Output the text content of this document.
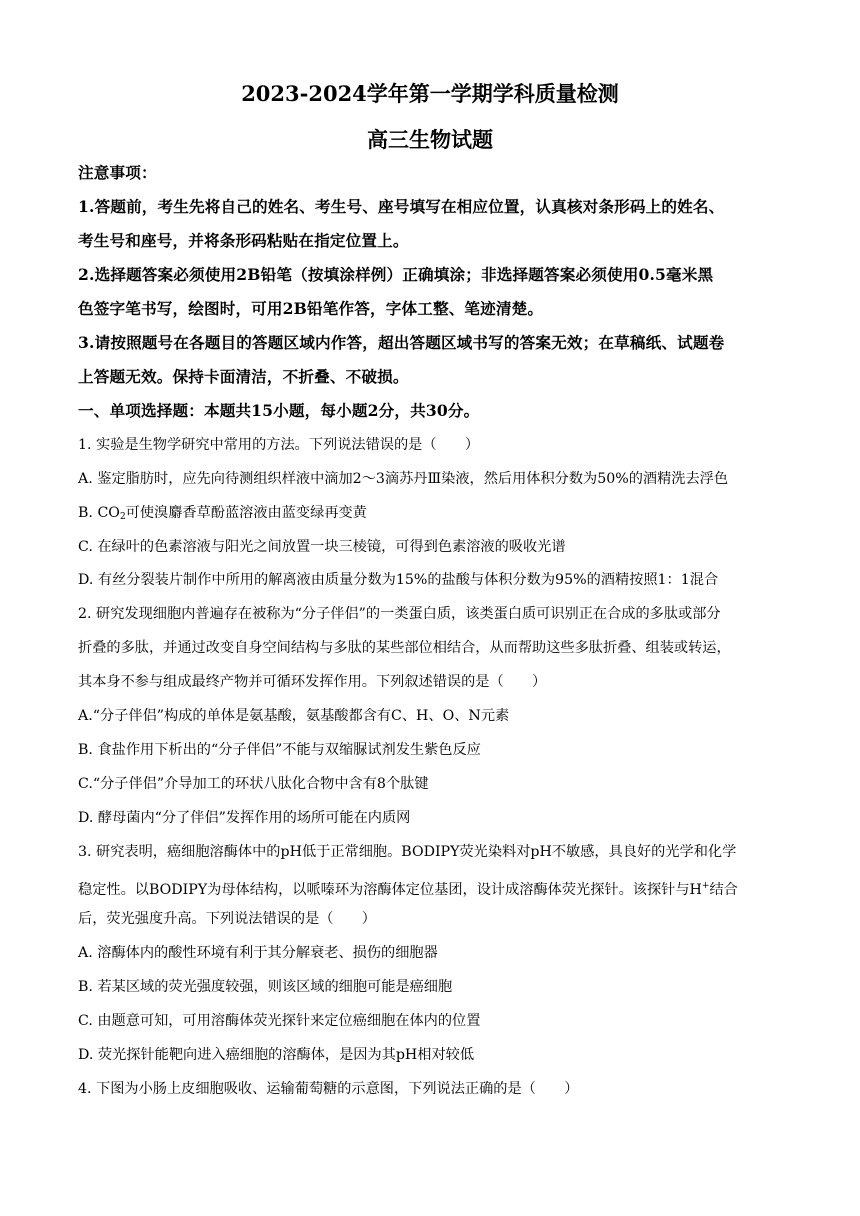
2023-2024学年第一学期学科质量检测
高三生物试题
注意事项：
1.答题前，考生先将自己的姓名、考生号、座号填写在相应位置，认真核对条形码上的姓名、
考生号和座号，并将条形码粘贴在指定位置上。
2.选择题答案必须使用2B铅笔（按填涂样例）正确填涂；非选择题答案必须使用0.5毫米黑
色签字笔书写，绘图时，可用2B铅笔作答，字体工整、笔迹清楚。
3.请按照题号在各题目的答题区域内作答，超出答题区域书写的答案无效；在草稿纸、试题卷
上答题无效。保持卡面清洁，不折叠、不破损。
一、单项选择题：本题共15小题，每小题2分，共30分。
1. 实验是生物学研究中常用的方法。下列说法错误的是（　　）
A. 鉴定脂肪时，应先向待测组织样液中滴加2～3滴苏丹Ⅲ染液，然后用体积分数为50%的酒精洗去浮色
B. $CO_2$可使溴麝香草酚蓝溶液由蓝变绿再变黄
C. 在绿叶的色素溶液与阳光之间放置一块三棱镜，可得到色素溶液的吸收光谱
D. 有丝分裂装片制作中所用的解离液由质量分数为15%的盐酸与体积分数为95%的酒精按照1：1混合
2. 研究发现细胞内普遍存在被称为“分子伴侣”的一类蛋白质，该类蛋白质可识别正在合成的多肽或部分
折叠的多肽，并通过改变自身空间结构与多肽的某些部位相结合，从而帮助这些多肽折叠、组装或转运，
其本身不参与组成最终产物并可循环发挥作用。下列叙述错误的是（　　）
A.“分子伴侣”构成的单体是氨基酸，氨基酸都含有C、H、O、N元素
B. 食盐作用下析出的“分子伴侣”不能与双缩脲试剂发生紫色反应
C.“分子伴侣”介导加工的环状八肽化合物中含有8个肽键
D. 酵母菌内“分了伴侣”发挥作用的场所可能在内质网
3. 研究表明，癌细胞溶酶体中的pH低于正常细胞。BODIPY荧光染料对pH不敏感，具良好的光学和化学
稳定性。以BODIPY为母体结构，以哌嗪环为溶酶体定位基团，设计成溶酶体荧光探针。该探针与H+结合
后，荧光强度升高。下列说法错误的是（　　）
A. 溶酶体内的酸性环境有利于其分解衰老、损伤的细胞器
B. 若某区域的荧光强度较强，则该区域的细胞可能是癌细胞
C. 由题意可知，可用溶酶体荧光探针来定位癌细胞在体内的位置
D. 荧光探针能靶向进入癌细胞的溶酶体，是因为其pH相对较低
4. 下图为小肠上皮细胞吸收、运输葡萄糖的示意图，下列说法正确的是（　　）
